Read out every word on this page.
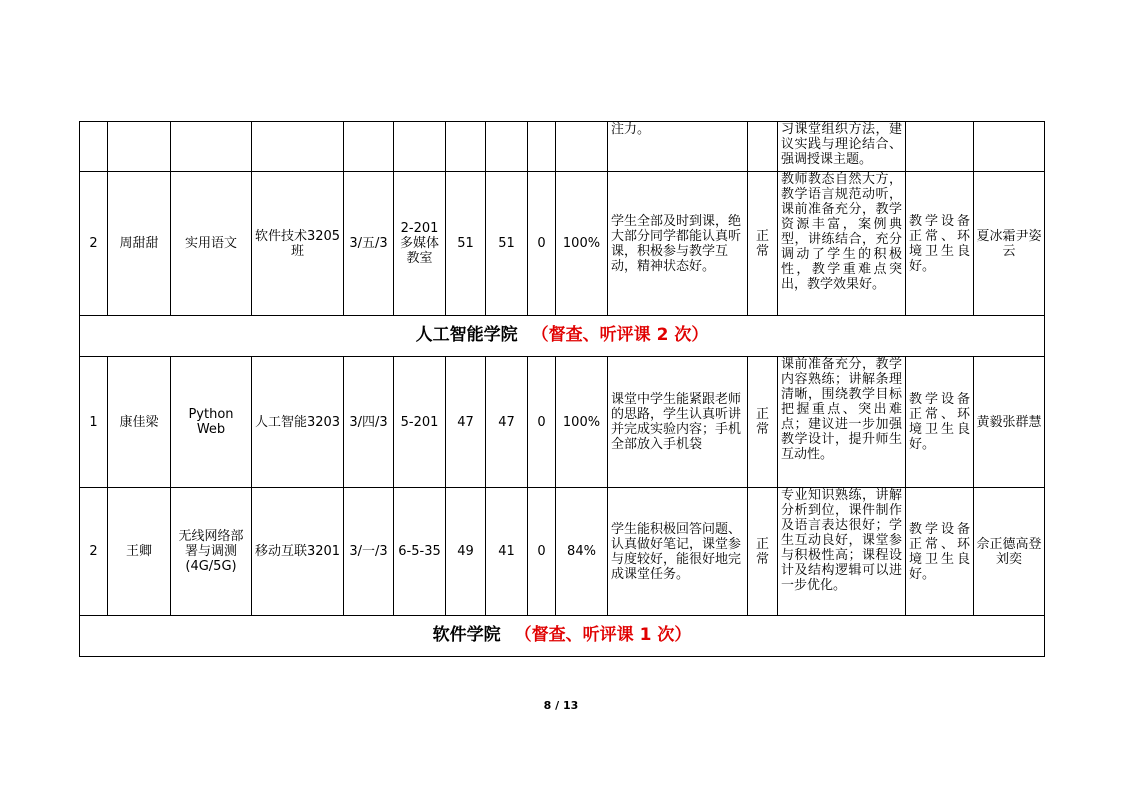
										注力。		习课堂组织方法，建议实践与理论结合、强调授课主题。		
2	周甜甜	实用语文	软件技术3205 班	3/五/3	2-201多媒体教室	51	51	0	100%	学生全部及时到课，绝大部分同学都能认真听课，积极参与教学互动，精神状态好。	正常	教师教态自然大方，教学语言规范动听，课前准备充分，教学资源丰富，案例典型，讲练结合，充分调动了学生的积极性，教学重难点突出，教学效果好。	教学设备正常、环境卫生良好。	夏冰霜尹姿云
人工智能学院 （督查、听评课 2 次）														
1	康佳梁	Python Web	人工智能3203	3/四/3	5-201	47	47	0	100%	课堂中学生能紧跟老师的思路，学生认真听讲并完成实验内容；手机全部放入手机袋	正常	课前准备充分，教学内容熟练；讲解条理清晰，围绕教学目标把握重点、突出难点；建议进一步加强教学设计，提升师生互动性。	教学设备正常、环境卫生良好。	黄毅张群慧
2	王卿	无线网络部署与调测(4G/5G)	移动互联3201	3/一/3	6-5-35	49	41	0	84%	学生能积极回答问题、认真做好笔记，课堂参与度较好，能很好地完成课堂任务。	正常	专业知识熟练，讲解分析到位，课件制作及语言表达很好；学生互动良好，课堂参与积极性高；课程设计及结构逻辑可以进一步优化。	教学设备正常、环境卫生良好。	佘正德高登刘奕
软件学院 （督查、听评课 1 次）														
8 / 13
